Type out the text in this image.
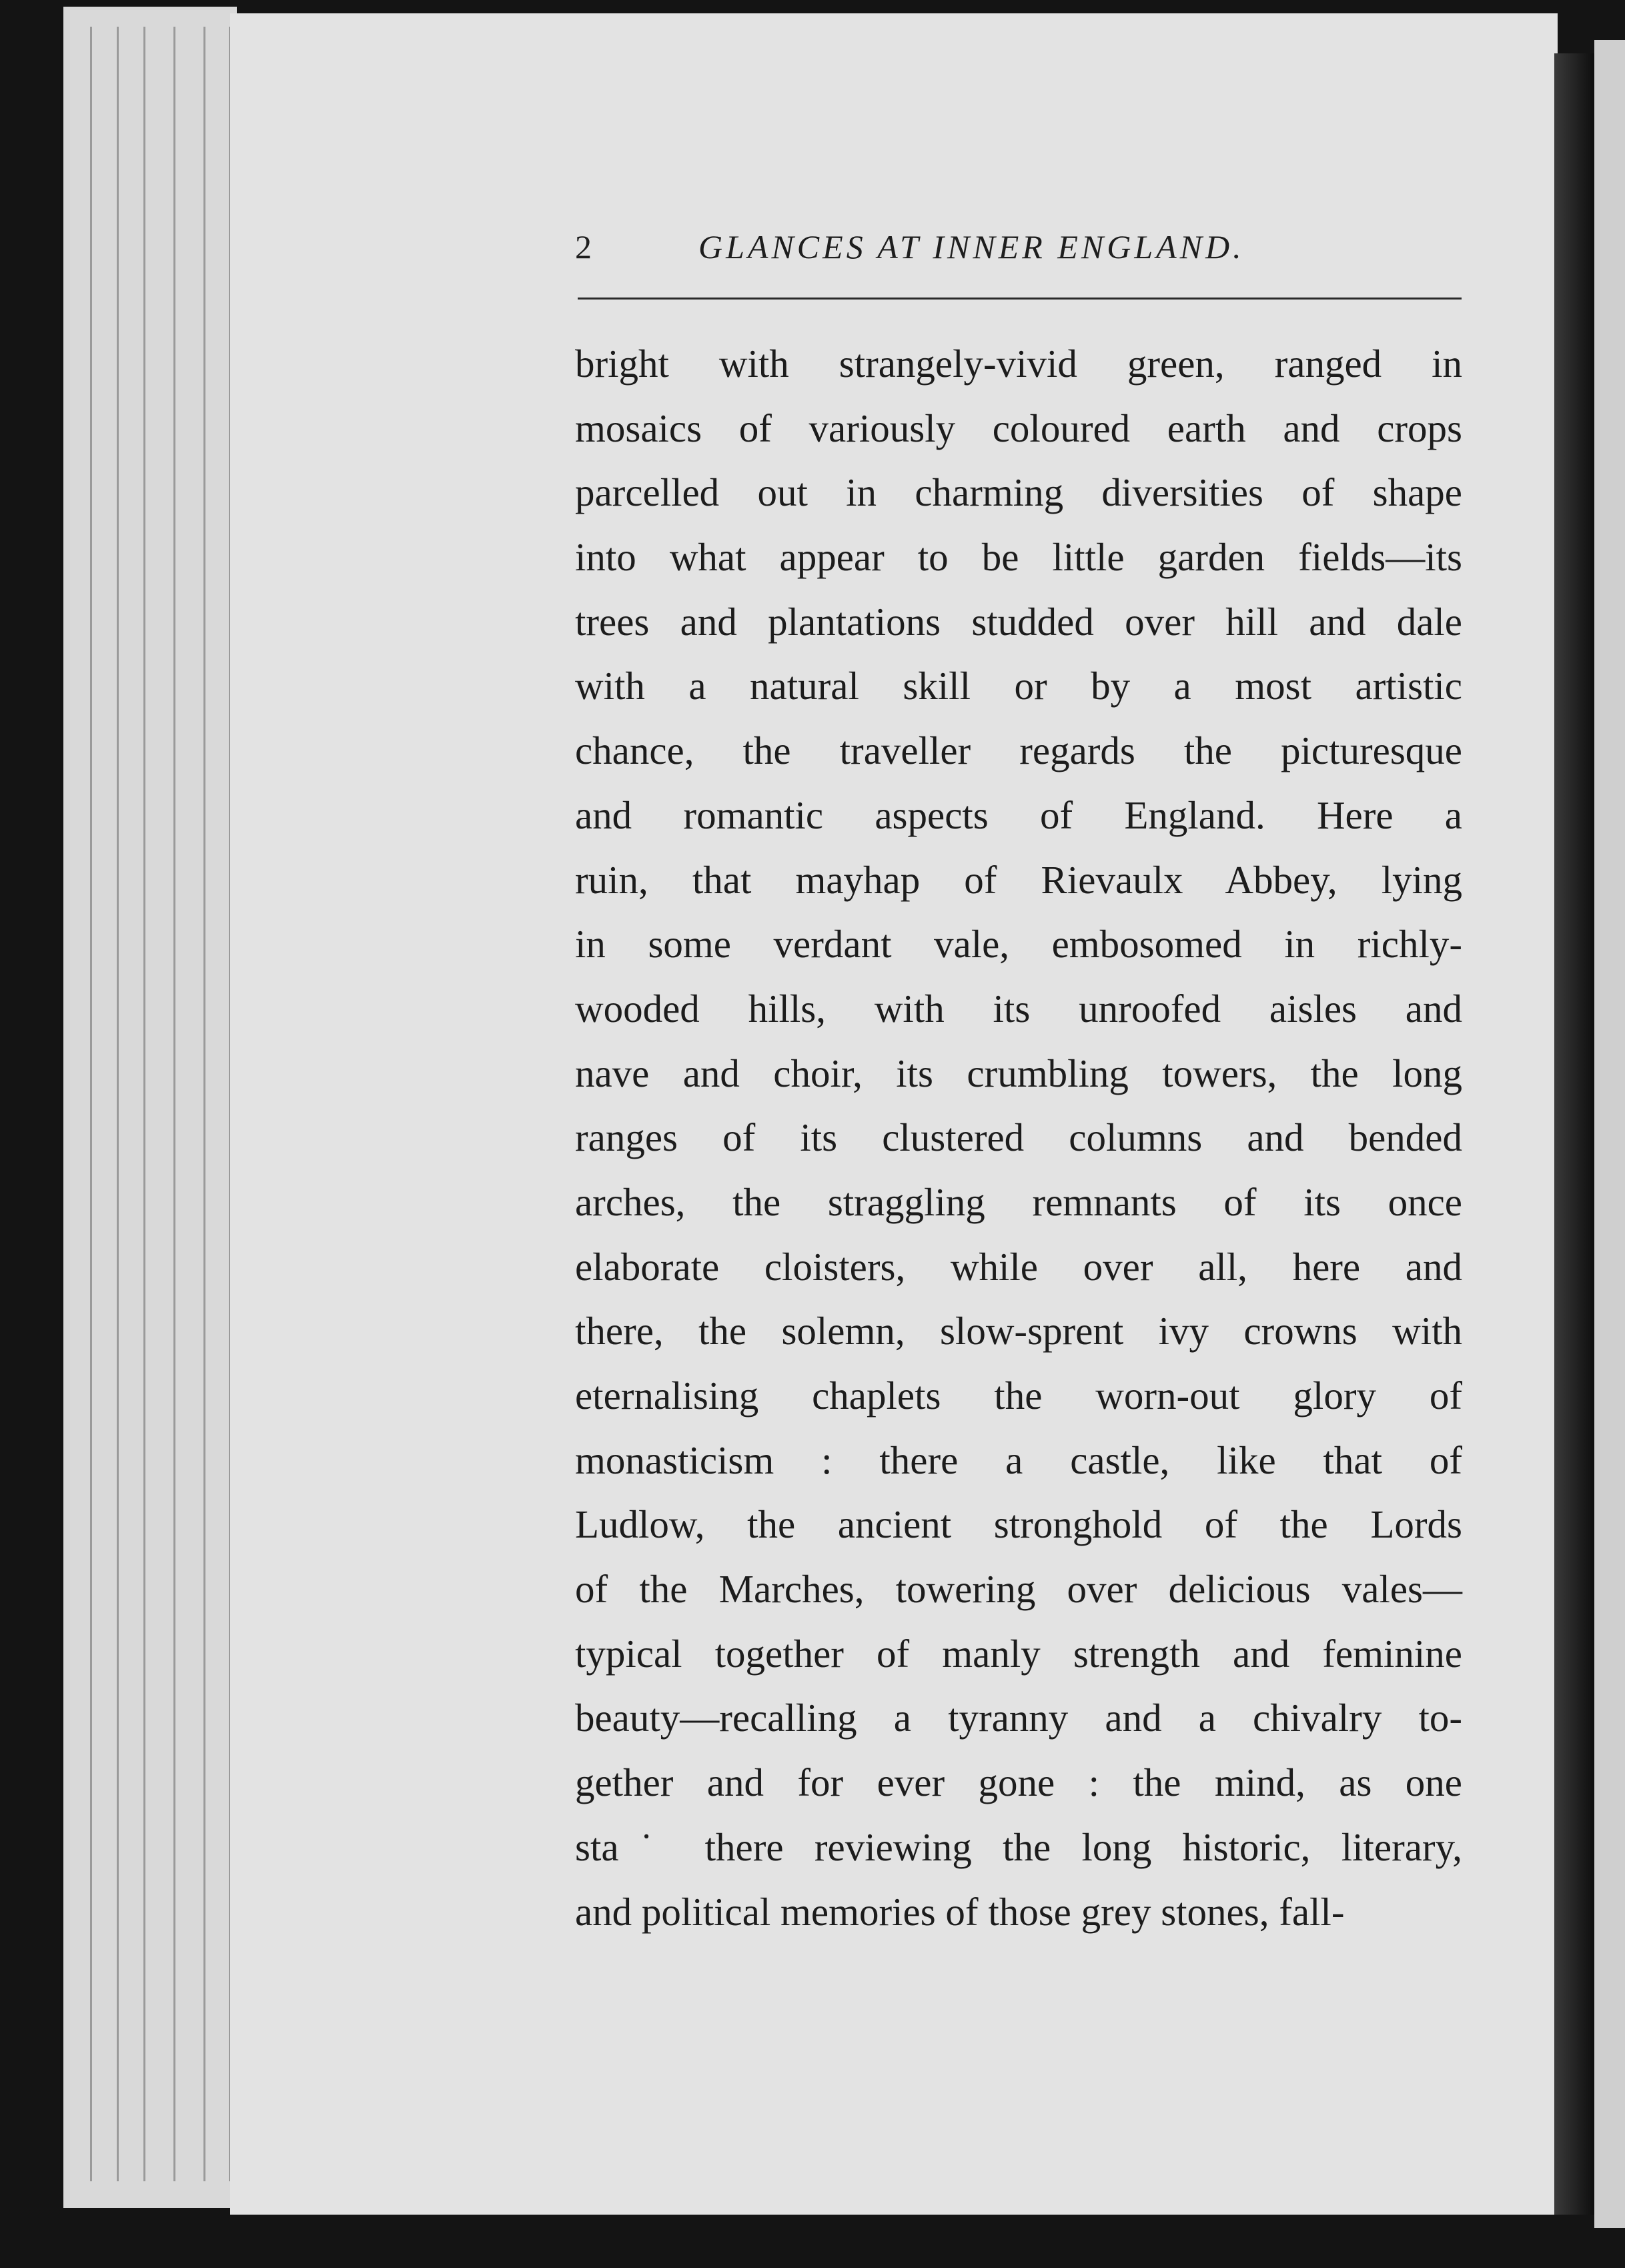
2	GLANCES AT INNER ENGLAND.
bright with strangely-vivid green, ranged in
mosaics of variously coloured earth and crops
parcelled out in charming diversities of shape
into what appear to be little garden fields—its
trees and plantations studded over hill and dale
with a natural skill or by a most artistic
chance, the traveller regards the picturesque
and romantic aspects of England. Here a
ruin, that mayhap of Rievaulx Abbey, lying
in some verdant vale, embosomed in richly-
wooded hills, with its unroofed aisles and
nave and choir, its crumbling towers, the long
ranges of its clustered columns and bended
arches, the straggling remnants of its once
elaborate cloisters, while over all, here and
there, the solemn, slow-sprent ivy crowns with
eternalising chaplets the worn-out glory of
monasticism : there a castle, like that of
Ludlow, the ancient stronghold of the Lords
of the Marches, towering over delicious vales—
typical together of manly strength and feminine
beauty—recalling a tyranny and a chivalry to-
gether and for ever gone : the mind, as one
sta˙ there reviewing the long historic, literary,
and political memories of those grey stones, fall-
